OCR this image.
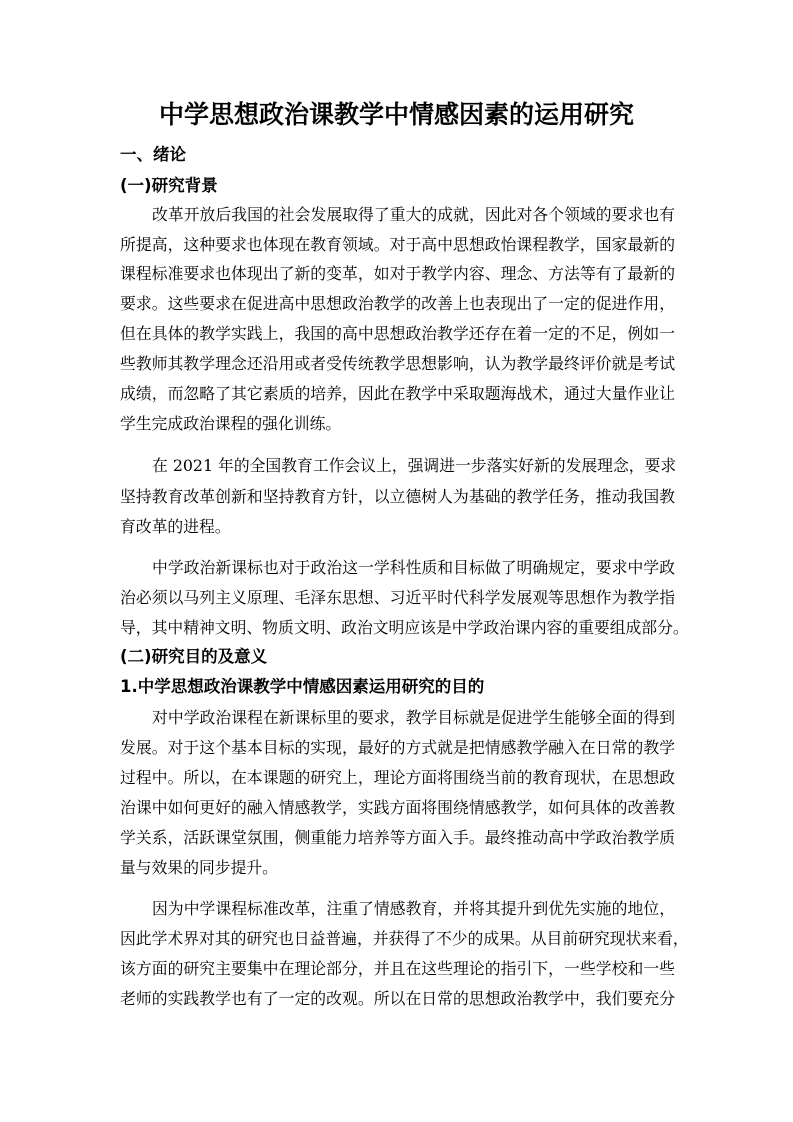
中学思想政治课教学中情感因素的运用研究
一、绪论
(一)研究背景
改革开放后我国的社会发展取得了重大的成就，因此对各个领域的要求也有
所提高，这种要求也体现在教育领域。对于高中思想政怡课程教学，国家最新的
课程标准要求也体现出了新的变革，如对于教学内容、理念、方法等有了最新的
要求。这些要求在促进高中思想政治教学的改善上也表现出了一定的促进作用，
但在具体的教学实践上，我国的高中思想政治教学还存在着一定的不足，例如一
些教师其教学理念还沿用或者受传统教学思想影响，认为教学最终评价就是考试
成绩，而忽略了其它素质的培养，因此在教学中采取题海战术，通过大量作业让
学生完成政治课程的强化训练。
在 2021 年的全国教育工作会议上，强调进一步落实好新的发展理念，要求
坚持教育改革创新和坚持教育方针，以立德树人为基础的教学任务，推动我国教
育改革的进程。
中学政治新课标也对于政治这一学科性质和目标做了明确规定，要求中学政
治必须以马列主义原理、毛泽东思想、习近平时代科学发展观等思想作为教学指
导，其中精神文明、物质文明、政治文明应该是中学政治课内容的重要组成部分。
(二)研究目的及意义
1.中学思想政治课教学中情感因素运用研究的目的
对中学政治课程在新课标里的要求，教学目标就是促进学生能够全面的得到
发展。对于这个基本目标的实现，最好的方式就是把情感教学融入在日常的教学
过程中。所以，在本课题的研究上，理论方面将围绕当前的教育现状，在思想政
治课中如何更好的融入情感教学，实践方面将围绕情感教学，如何具体的改善教
学关系，活跃课堂氛围，侧重能力培养等方面入手。最终推动高中学政治教学质
量与效果的同步提升。
因为中学课程标准改革，注重了情感教育，并将其提升到优先实施的地位，
因此学术界对其的研究也日益普遍，并获得了不少的成果。从目前研究现状来看，
该方面的研究主要集中在理论部分，并且在这些理论的指引下，一些学校和一些
老师的实践教学也有了一定的改观。所以在日常的思想政治教学中，我们要充分
